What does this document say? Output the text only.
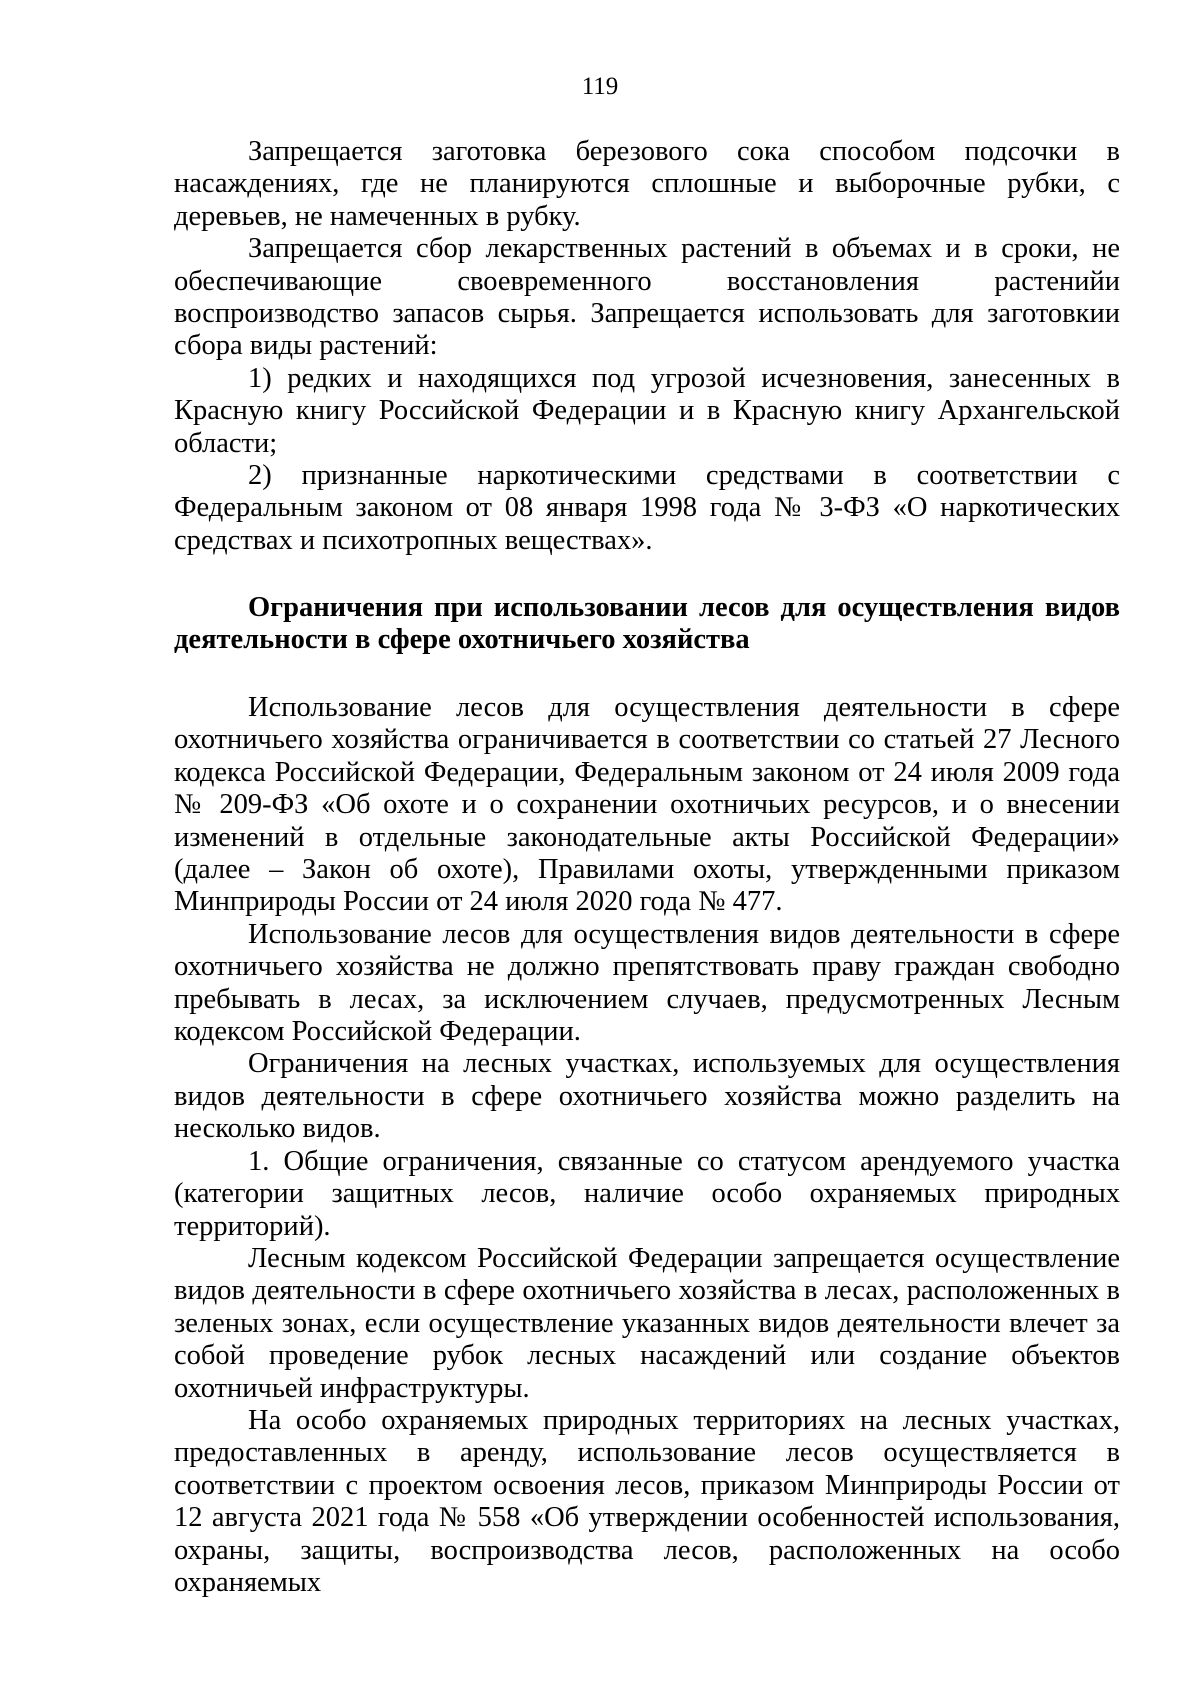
119

Запрещается заготовка березового сока способом подсочки в насаждениях, где не планируются сплошные и выборочные рубки, с деревьев, не намеченных в рубку.

Запрещается сбор лекарственных растений в объемах и в сроки, не обеспечивающие своевременного восстановления растенийи воспроизводство запасов сырья. Запрещается использовать для заготовкии сбора виды растений:

1) редких и находящихся под угрозой исчезновения, занесенных в Красную книгу Российской Федерации и в Красную книгу Архангельской области;

2) признанные наркотическими средствами в соответствии с Федеральным законом от 08 января 1998 года № 3-ФЗ «О наркотических средствах и психотропных веществах».

Ограничения при использовании лесов для осуществления видов деятельности в сфере охотничьего хозяйства

Использование лесов для осуществления деятельности в сфере охотничьего хозяйства ограничивается в соответствии со статьей 27 Лесного кодекса Российской Федерации, Федеральным законом от 24 июля 2009 года № 209-ФЗ «Об охоте и о сохранении охотничьих ресурсов, и о внесении изменений в отдельные законодательные акты Российской Федерации» (далее – Закон об охоте), Правилами охоты, утвержденными приказом Минприроды России от 24 июля 2020 года № 477.

Использование лесов для осуществления видов деятельности в сфере охотничьего хозяйства не должно препятствовать праву граждан свободно пребывать в лесах, за исключением случаев, предусмотренных Лесным кодексом Российской Федерации.

Ограничения на лесных участках, используемых для осуществления видов деятельности в сфере охотничьего хозяйства можно разделить на несколько видов.

1. Общие ограничения, связанные со статусом арендуемого участка (категории защитных лесов, наличие особо охраняемых природных территорий).

Лесным кодексом Российской Федерации запрещается осуществление видов деятельности в сфере охотничьего хозяйства в лесах, расположенных в зеленых зонах, если осуществление указанных видов деятельности влечет за собой проведение рубок лесных насаждений или создание объектов охотничьей инфраструктуры.

На особо охраняемых природных территориях на лесных участках, предоставленных в аренду, использование лесов осуществляется в соответствии с проектом освоения лесов, приказом Минприроды России от 12 августа 2021 года № 558 «Об утверждении особенностей использования, охраны, защиты, воспроизводства лесов, расположенных на особо охраняемых
